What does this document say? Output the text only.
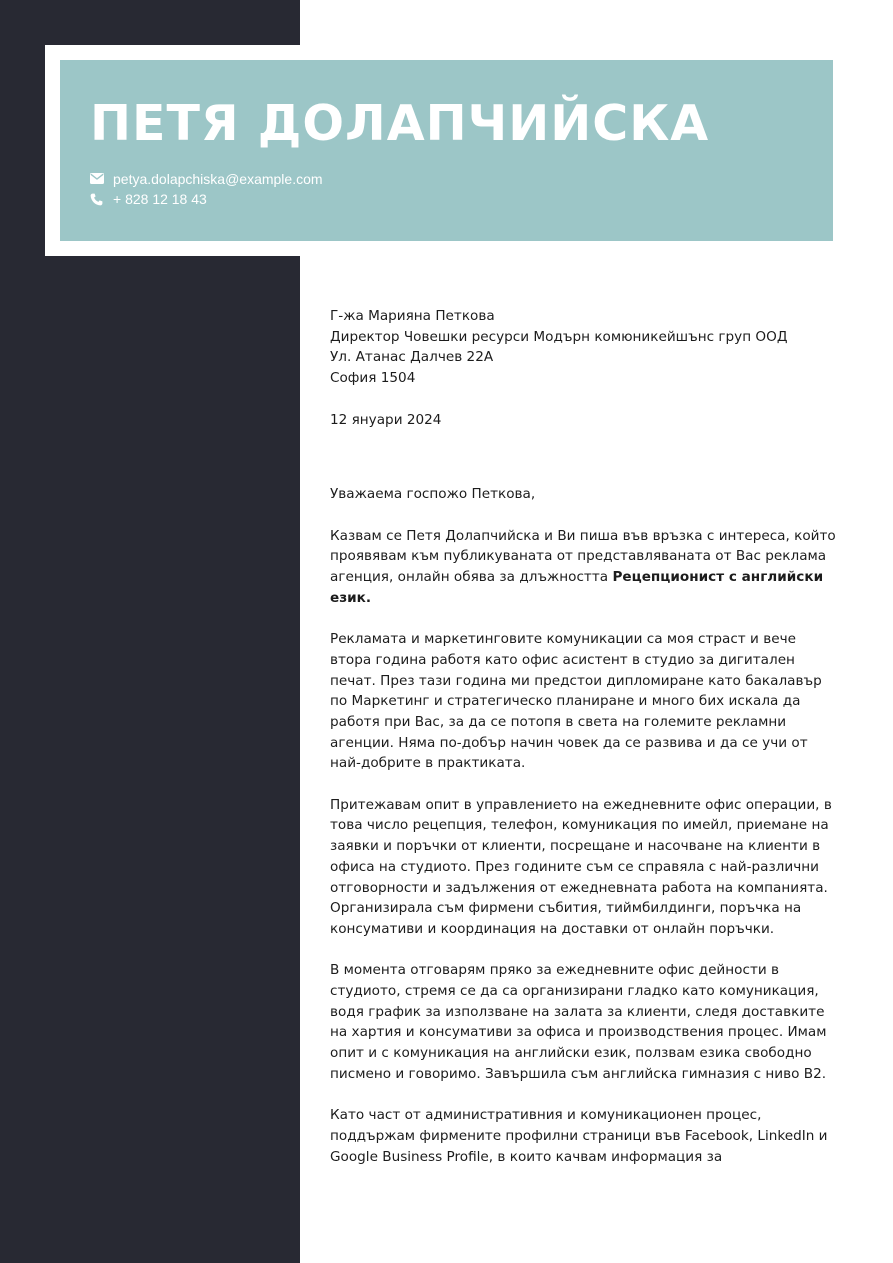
ПЕТЯ ДОЛАПЧИЙСКА
petya.dolapchiska@example.com
+ 828 12 18 43

Г-жа Марияна Петкова

Директор Човешки ресурси Модърн комюникейшънс груп ООД

Ул. Атанас Далчев 22А

София 1504

12 януари 2024

Уважаема госпожо Петкова,

Казвам се Петя Долапчийска и Ви пиша във връзка с интереса, който проявявам към публикуваната от представляваната от Вас реклама агенция, онлайн обява за длъжността Рецепционист с английски език.

Рекламата и маркетинговите комуникации са моя страст и вече втора година работя като офис асистент в студио за дигитален печат. През тази година ми предстои дипломиране като бакалавър по Маркетинг и стратегическо планиране и много бих искала да работя при Вас, за да се потопя в света на големите рекламни агенции. Няма по-добър начин човек да се развива и да се учи от най-добрите в практиката.

Притежавам опит в управлението на ежедневните офис операции, в това число рецепция, телефон, комуникация по имейл, приемане на заявки и поръчки от клиенти, посрещане и насочване на клиенти в офиса на студиото. През годините съм се справяла с най-различни отговорности и задължения от ежедневната работа на компанията. Организирала съм фирмени събития, тиймбилдинги, поръчка на консумативи и координация на доставки от онлайн поръчки.

В момента отговарям пряко за ежедневните офис дейности в студиото, стремя се да са организирани гладко като комуникация, водя график за използване на залата за клиенти, следя доставките на хартия и консумативи за офиса и производствения процес. Имам опит и с комуникация на английски език, ползвам езика свободно писмено и говоримо. Завършила съм английска гимназия с ниво B2.

Като част от административния и комуникационен процес, поддържам фирмените профилни страници във Facebook, LinkedIn и Google Business Profile, в които качвам информация за
